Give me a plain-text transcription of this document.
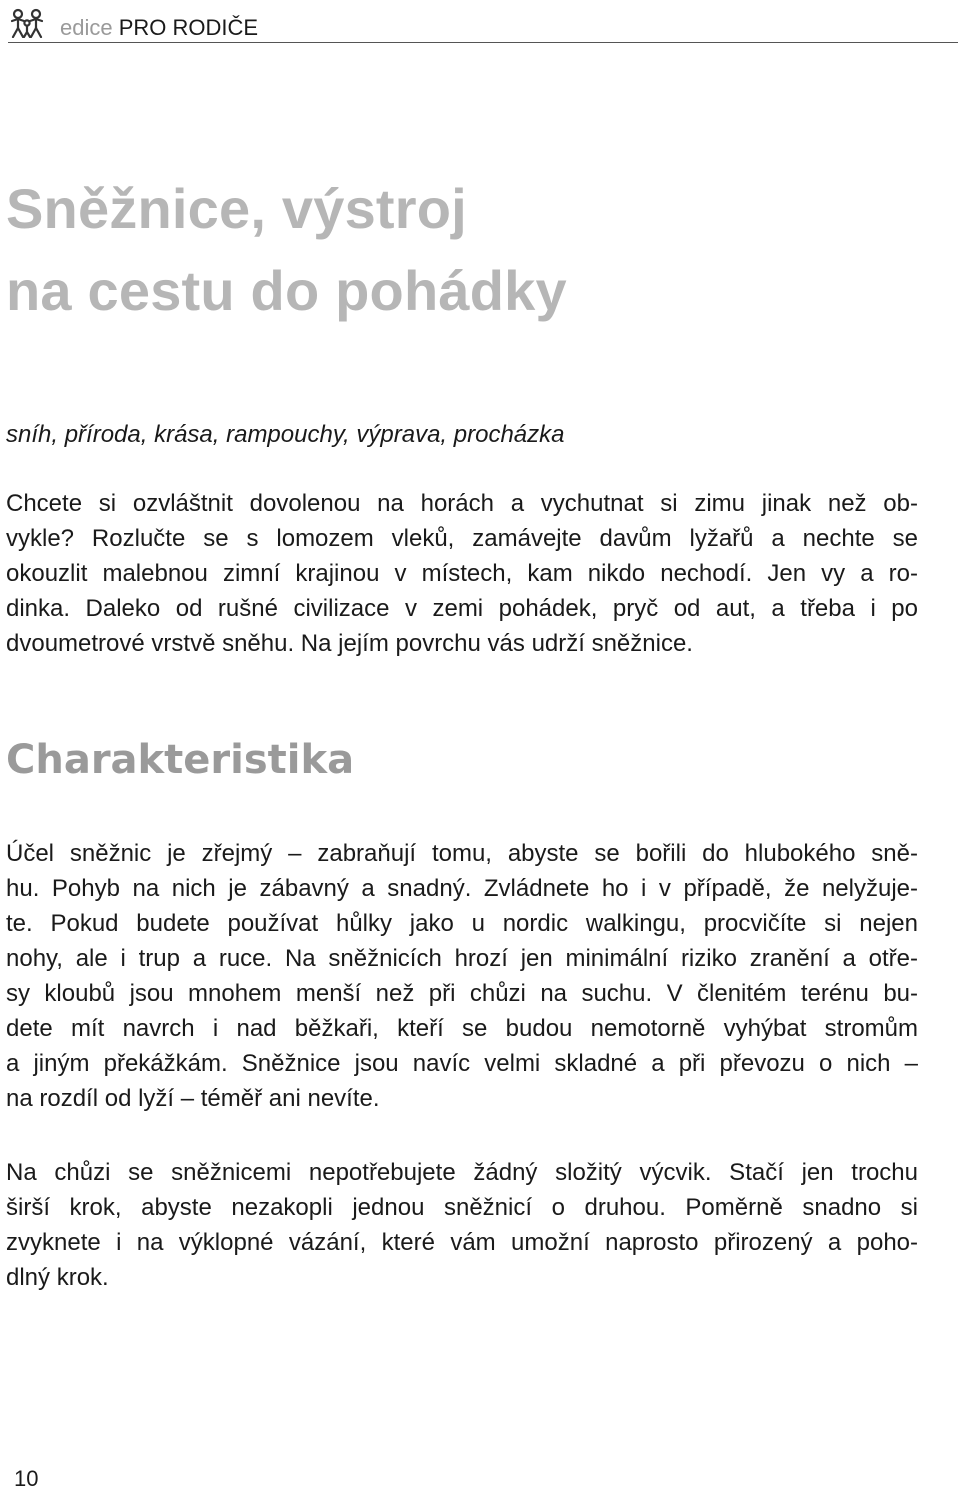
edice PRO RODIČE
Sněžnice, výstroj
na cestu do pohádky
sníh, příroda, krása, rampouchy, výprava, procházka

Chcete si ozvláštnit dovolenou na horách a vychutnat si zimu jinak než ob-
vykle? Rozlučte se s lomozem vleků, zamávejte davům lyžařů a nechte se
okouzlit malebnou zimní krajinou v místech, kam nikdo nechodí. Jen vy a ro-
dinka. Daleko od rušné civilizace v zemi pohádek, pryč od aut, a třeba i po
dvoumetrové vrstvě sněhu. Na jejím povrchu vás udrží sněžnice.

Charakteristika

Účel sněžnic je zřejmý – zabraňují tomu, abyste se bořili do hlubokého sně-
hu. Pohyb na nich je zábavný a snadný. Zvládnete ho i v případě, že nelyžuje-
te. Pokud budete používat hůlky jako u nordic walkingu, procvičíte si nejen
nohy, ale i trup a ruce. Na sněžnicích hrozí jen minimální riziko zranění a otře-
sy kloubů jsou mnohem menší než při chůzi na suchu. V členitém terénu bu-
dete mít navrch i nad běžkaři, kteří se budou nemotorně vyhýbat stromům
a jiným překážkám. Sněžnice jsou navíc velmi skladné a při převozu o nich –
na rozdíl od lyží – téměř ani nevíte.

Na chůzi se sněžnicemi nepotřebujete žádný složitý výcvik. Stačí jen trochu
širší krok, abyste nezakopli jednou sněžnicí o druhou. Poměrně snadno si
zvyknete i na výklopné vázání, které vám umožní naprosto přirozený a poho-
dlný krok.

10
